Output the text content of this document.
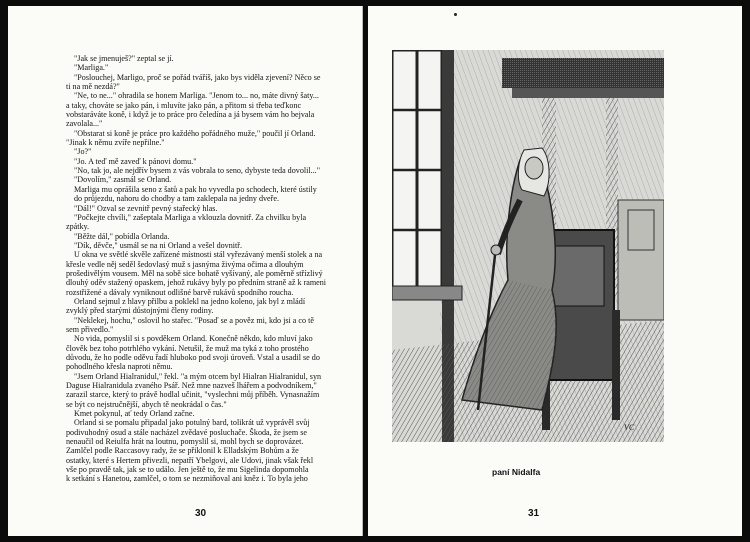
"Jak se jmenuješ?" zeptal se jí.

"Marliga."

"Poslouchej, Marligo, proč se pořád tváříš, jako bys viděla zjevení? Něco se

ti na mě nezdá?"

"Ne, to ne..." ohradila se honem Marliga. "Jenom to... no, máte divný šaty...

a taky, chováte se jako pán, i mluvíte jako pán, a přitom si třeba teďkonc

vobstaráváte koně, i když je to práce pro čeledína a já bysem vám ho bejvala

zavolala..."

"Obstarat si koně je práce pro každého pořádného muže," poučil jí Orland.

"Jinak k němu zvíře nepřilne."

"Jo?"

"Jo. A teď mě zaveď k pánovi domu."

"No, tak jo, ale nejdřív bysem z vás vobrala to seno, dybyste teda dovolil..."

"Dovolím," zasmál se Orland.

Marliga mu oprášila seno z šatů a pak ho vyvedla po schodech, které ústily

do průjezdu, nahoru do chodby a tam zaklepala na jedny dveře.

"Dál!" Ozval se zevnitř pevný stařecký hlas.

"Počkejte chvíli," zašeptala Marliga a vklouzla dovnitř. Za chvilku byla

zpátky.

"Běžte dál," pobídla Orlanda.

"Dík, děvče," usmál se na ni Orland a vešel dovnitř.

U okna ve světlé skvěle zařízené místnosti stál vyřezávaný menší stolek a na

křesle vedle něj seděl šedovlasý muž s jasnýma živýma očima a dlouhým

prošedivělým vousem. Měl na sobě sice bohatě vyšívaný, ale poměrně střízlivý

dlouhý oděv stažený opaskem, jehož rukávy byly po předním straně až k rameni

rozstřižené a dávaly vyniknout odlišné barvě rukávů spodního roucha.

Orland sejmul z hlavy přilbu a poklekl na jedno koleno, jak byl z mládí

zvyklý před starými důstojnými členy rodiny.

"Neklekej, hochu," oslovil ho stařec. "Posaď se a pověz mi, kdo jsi a co tě

sem přivedlo."

No vida, pomyslil si s povděkem Orland. Konečně někdo, kdo mluví jako

člověk bez toho potrhlého vykání. Netušil, že muž ma tyká z toho prostého

důvodu, že ho podle oděvu řadí hluboko pod svoji úroveň. Vstal a usadil se do

pohodlného křesla naproti němu.

"Jsem Orland Hialranidul," řekl. "a mým otcem byl Hialran Hialranidul, syn

Daguse Hialranidula zvaného Psář. Než mne nazveš lhářem a podvodníkem,"

zarazil starce, který to právě hodlal učinit, "vyslechni můj příběh. Vynasnažím

se být co nejstručnější, abych tě neokrádal o čas."

Kmet pokynul, ať tedy Orland začne.

Orland si se pomalu připadal jako potulný bard, tolikrát už vyprávěl svůj

podivuhodný osud a stále nacházel zvědavé posluchače. Škoda, že jsem se

nenaučil od Reiulfa hrát na loutnu, pomyslil si, mohl bych se doprovázet.

Zamlčel podle Raccasovy rady, že se přiklonil k Elladským Bohům a že

ostatky, které s Hertem přivezli, nepatří Ybelgovi, ale Udovi, jinak však řekl

vše po pravdě tak, jak se to událo. Jen ještě to, že mu Sigelinda dopomohla

k setkání s Hanetou, zamlčel, o tom se nezmiňoval ani kněz i. To byla jeho

30
VC
paní Nidalfa
31
